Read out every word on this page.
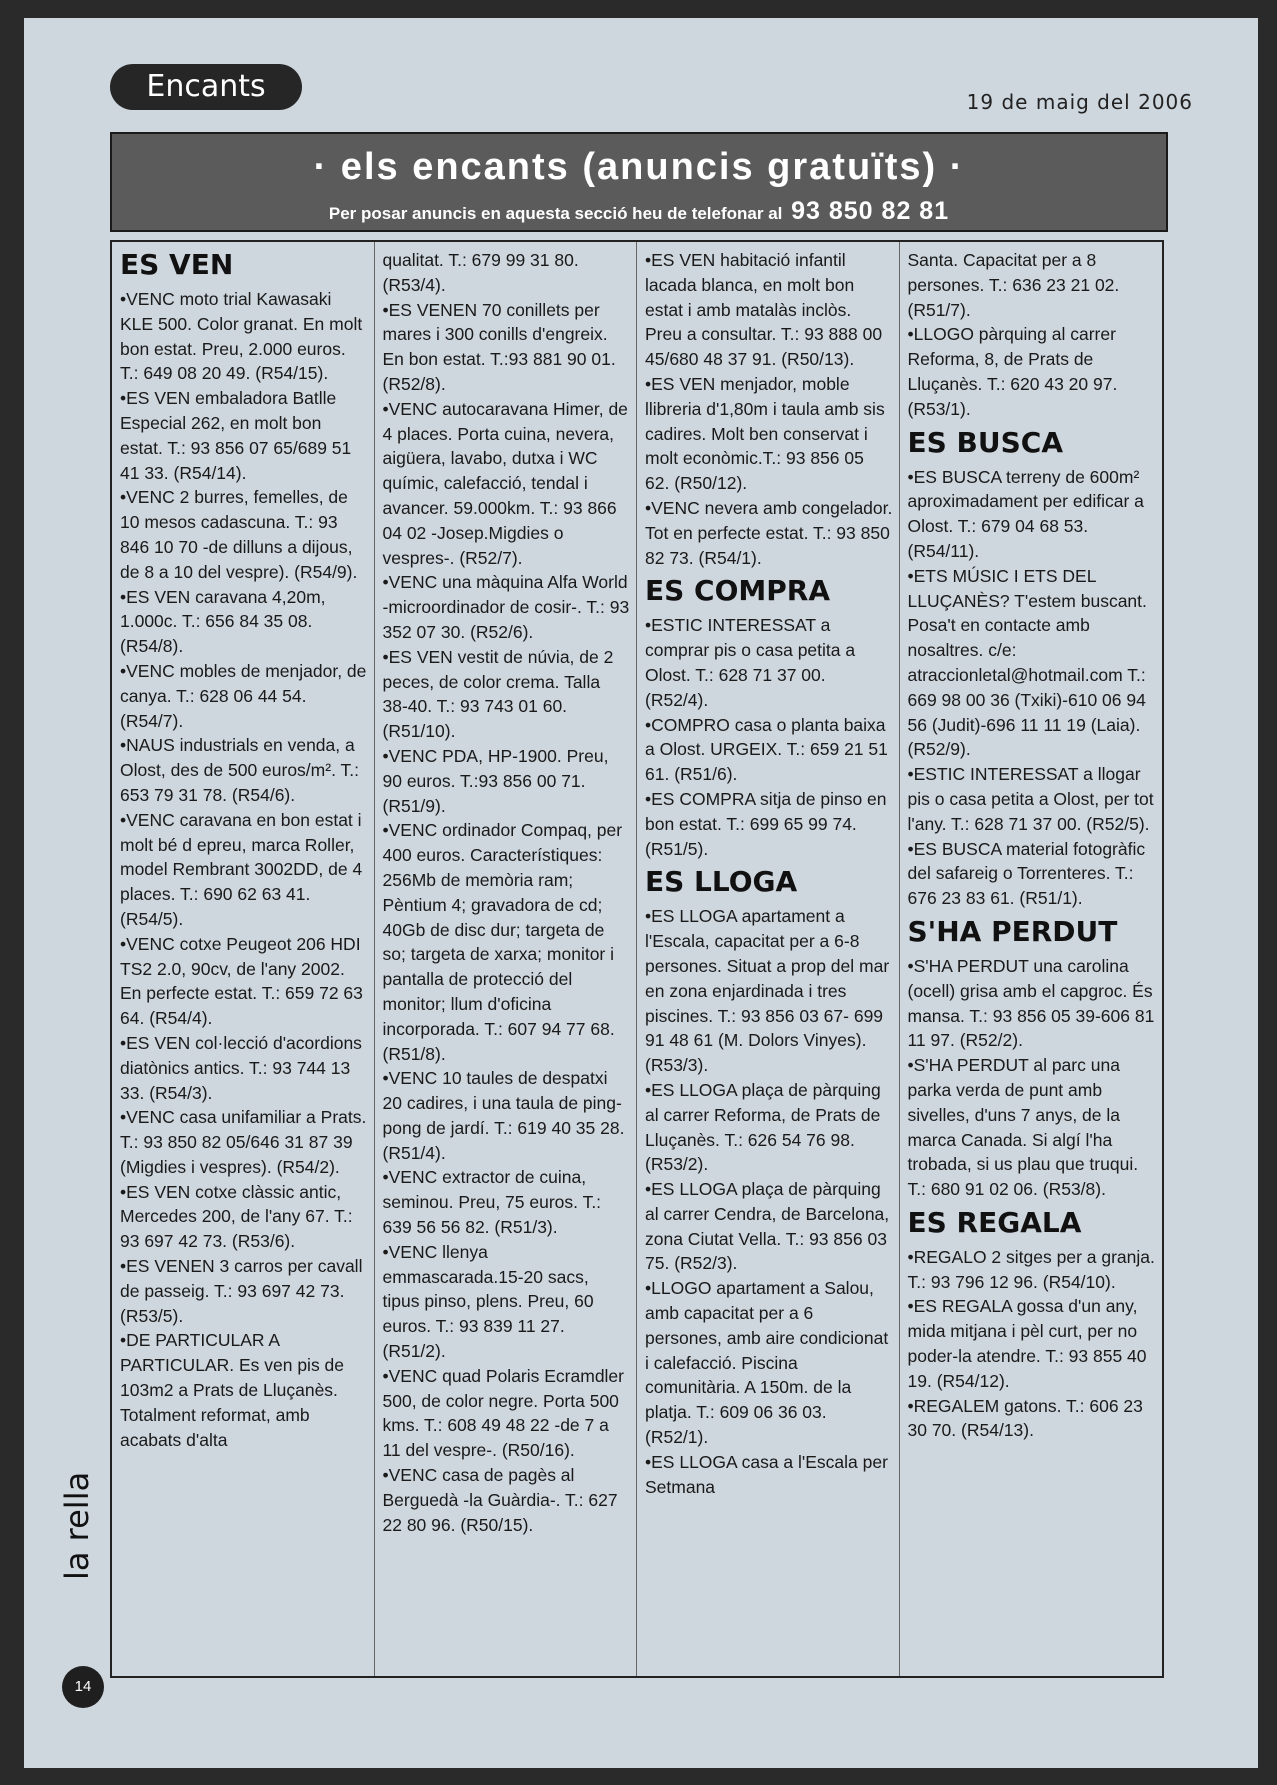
Encants	19 de maig del 2006
· els encants (anuncis gratuïts) ·
Per posar anuncis en aquesta secció heu de telefonar al 93 850 82 81
ES VEN
•VENC moto trial Kawasaki KLE 500. Color granat. En molt bon estat. Preu, 2.000 euros. T.: 649 08 20 49. (R54/15).
•ES VEN embaladora Batlle Especial 262, en molt bon estat. T.: 93 856 07 65/689 51 41 33. (R54/14).
•VENC 2 burres, femelles, de 10 mesos cadascuna. T.: 93 846 10 70 -de dilluns a dijous, de 8 a 10 del vespre). (R54/9).
•ES VEN caravana 4,20m, 1.000c. T.: 656 84 35 08. (R54/8).
•VENC mobles de menjador, de canya. T.: 628 06 44 54. (R54/7).
•NAUS industrials en venda, a Olost, des de 500 euros/m². T.: 653 79 31 78. (R54/6).
•VENC caravana en bon estat i molt bé d epreu, marca Roller, model Rembrant 3002DD, de 4 places. T.: 690 62 63 41. (R54/5).
•VENC cotxe Peugeot 206 HDI TS2 2.0, 90cv, de l'any 2002. En perfecte estat. T.: 659 72 63 64. (R54/4).
•ES VEN col·lecció d'acordions diatònics antics. T.: 93 744 13 33. (R54/3).
•VENC casa unifamiliar a Prats. T.: 93 850 82 05/646 31 87 39 (Migdies i vespres). (R54/2).
•ES VEN cotxe clàssic antic, Mercedes 200, de l'any 67. T.: 93 697 42 73. (R53/6).
•ES VENEN 3 carros per cavall de passeig. T.: 93 697 42 73. (R53/5).
•DE PARTICULAR A PARTICULAR. Es ven pis de 103m2 a Prats de Lluçanès. Totalment reformat, amb acabats d'alta
qualitat. T.: 679 99 31 80. (R53/4).
•ES VENEN 70 conillets per mares i 300 conills d'engreix. En bon estat. T.:93 881 90 01. (R52/8).
•VENC autocaravana Himer, de 4 places. Porta cuina, nevera, aigüera, lavabo, dutxa i WC químic, calefacció, tendal i avancer. 59.000km. T.: 93 866 04 02 -Josep.Migdies o vespres-. (R52/7).
•VENC una màquina Alfa World -microordinador de cosir-. T.: 93 352 07 30. (R52/6).
•ES VEN vestit de núvia, de 2 peces, de color crema. Talla 38-40. T.: 93 743 01 60. (R51/10).
•VENC PDA, HP-1900. Preu, 90 euros. T.:93 856 00 71. (R51/9).
•VENC ordinador Compaq, per 400 euros. Característiques: 256Mb de memòria ram; Pèntium 4; gravadora de cd; 40Gb de disc dur; targeta de so; targeta de xarxa; monitor i pantalla de protecció del monitor; llum d'oficina incorporada. T.: 607 94 77 68. (R51/8).
•VENC 10 taules de despatxi 20 cadires, i una taula de ping-pong de jardí. T.: 619 40 35 28. (R51/4).
•VENC extractor de cuina, seminou. Preu, 75 euros. T.: 639 56 56 82. (R51/3).
•VENC llenya emmascarada.15-20 sacs, tipus pinso, plens. Preu, 60 euros. T.: 93 839 11 27. (R51/2).
•VENC quad Polaris Ecramdler 500, de color negre. Porta 500 kms. T.: 608 49 48 22 -de 7 a 11 del vespre-. (R50/16).
•VENC casa de pagès al Berguedà -la Guàrdia-. T.: 627 22 80 96. (R50/15).
•ES VEN habitació infantil lacada blanca, en molt bon estat i amb matalàs inclòs. Preu a consultar. T.: 93 888 00 45/680 48 37 91. (R50/13).
•ES VEN menjador, moble llibreria d'1,80m i taula amb sis cadires. Molt ben conservat i molt econòmic.T.: 93 856 05 62. (R50/12).
•VENC nevera amb congelador. Tot en perfecte estat. T.: 93 850 82 73. (R54/1).
ES COMPRA
•ESTIC INTERESSAT a comprar pis o casa petita a Olost. T.: 628 71 37 00. (R52/4).
•COMPRO casa o planta baixa a Olost. URGEIX. T.: 659 21 51 61. (R51/6).
•ES COMPRA sitja de pinso en bon estat. T.: 699 65 99 74. (R51/5).
ES LLOGA
•ES LLOGA apartament a l'Escala, capacitat per a 6-8 persones. Situat a prop del mar en zona enjardinada i tres piscines. T.: 93 856 03 67- 699 91 48 61 (M. Dolors Vinyes). (R53/3).
•ES LLOGA plaça de pàrquing al carrer Reforma, de Prats de Lluçanès. T.: 626 54 76 98. (R53/2).
•ES LLOGA plaça de pàrquing al carrer Cendra, de Barcelona, zona Ciutat Vella. T.: 93 856 03 75. (R52/3).
•LLOGO apartament a Salou, amb capacitat per a 6 persones, amb aire condicionat i calefacció. Piscina comunitària. A 150m. de la platja. T.: 609 06 36 03. (R52/1).
•ES LLOGA casa a l'Escala per Setmana
Santa. Capacitat per a 8 persones. T.: 636 23 21 02. (R51/7).
•LLOGO pàrquing al carrer Reforma, 8, de Prats de Lluçanès. T.: 620 43 20 97. (R53/1).
ES BUSCA
•ES BUSCA terreny de 600m² aproximadament per edificar a Olost. T.: 679 04 68 53. (R54/11).
•ETS MÚSIC I ETS DEL LLUÇANÈS? T'estem buscant. Posa't en contacte amb nosaltres. c/e: atraccionletal@hotmail.com T.: 669 98 00 36 (Txiki)-610 06 94 56 (Judit)-696 11 11 19 (Laia). (R52/9).
•ESTIC INTERESSAT a llogar pis o casa petita a Olost, per tot l'any. T.: 628 71 37 00. (R52/5).
•ES BUSCA material fotogràfic del safareig o Torrenteres. T.: 676 23 83 61. (R51/1).
S'HA PERDUT
•S'HA PERDUT una carolina (ocell) grisa amb el capgroc. És mansa. T.: 93 856 05 39-606 81 11 97. (R52/2).
•S'HA PERDUT al parc una parka verda de punt amb sivelles, d'uns 7 anys, de la marca Canada. Si algí l'ha trobada, si us plau que truqui. T.: 680 91 02 06. (R53/8).
ES REGALA
•REGALO 2 sitges per a granja. T.: 93 796 12 96. (R54/10).
•ES REGALA gossa d'un any, mida mitjana i pèl curt, per no poder-la atendre. T.: 93 855 40 19. (R54/12).
•REGALEM gatons. T.: 606 23 30 70. (R54/13).
la rella
14
